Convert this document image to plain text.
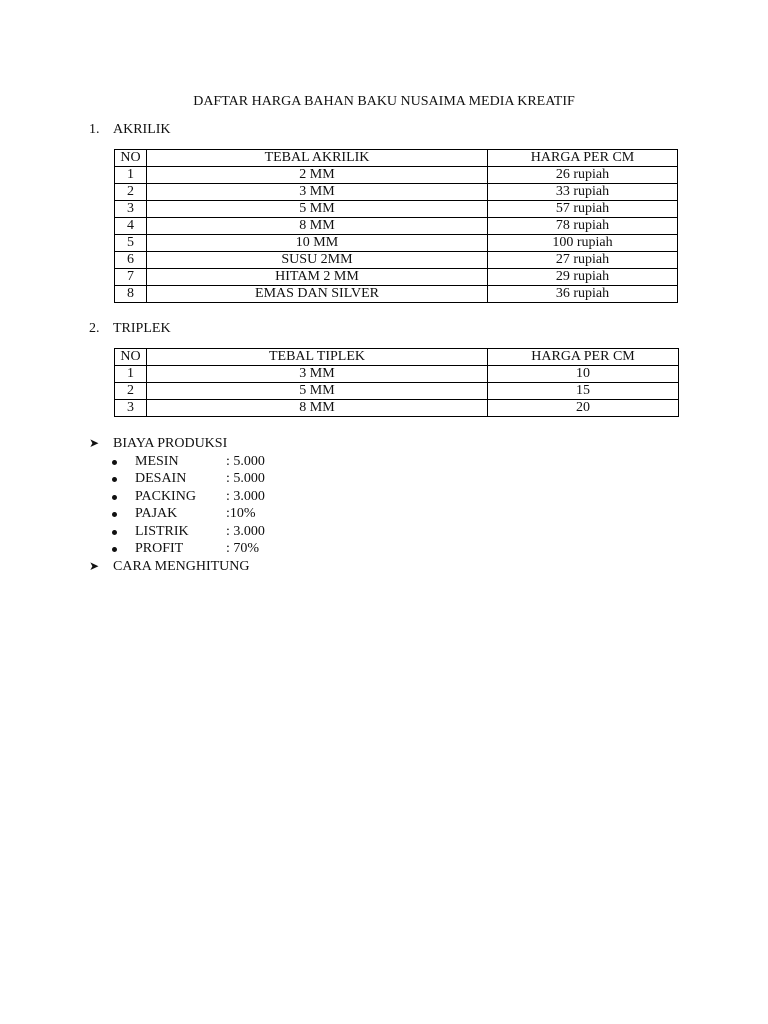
DAFTAR HARGA BAHAN BAKU NUSAIMA MEDIA KREATIF
1. AKRILIK
NO	TEBAL AKRILIK	HARGA PER CM
1	2 MM	26 rupiah
2	3 MM	33 rupiah
3	5 MM	57 rupiah
4	8 MM	78 rupiah
5	10 MM	100 rupiah
6	SUSU 2MM	27 rupiah
7	HITAM 2 MM	29 rupiah
8	EMAS DAN SILVER	36 rupiah
2. TRIPLEK
NO	TEBAL TIPLEK	HARGA PER CM
1	3 MM	10
2	5 MM	15
3	8 MM	20
➤ BIAYA PRODUKSI
MESIN	: 5.000
DESAIN	: 5.000
PACKING : 3.000
PAJAK	:10%
LISTRIK	: 3.000
PROFIT	: 70%
➤ CARA MENGHITUNG
